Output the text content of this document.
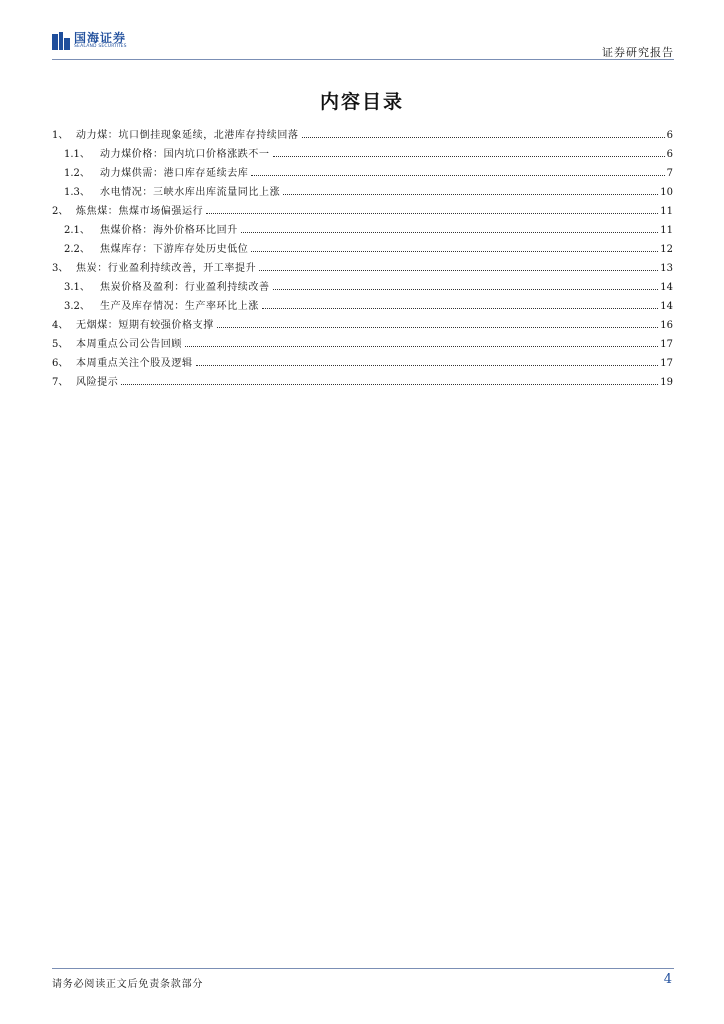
国海证券
SEALAND SECURITIES	证券研究报告
内容目录
1、 动力煤：坑口倒挂现象延续，北港库存持续回落	6
1.1、	动力煤价格：国内坑口价格涨跌不一	6
1.2、	动力煤供需：港口库存延续去库	7
1.3、	水电情况：三峡水库出库流量同比上涨	10
2、 炼焦煤：焦煤市场偏强运行	11
2.1、	焦煤价格：海外价格环比回升	11
2.2、	焦煤库存：下游库存处历史低位	12
3、 焦炭：行业盈利持续改善，开工率提升	13
3.1、	焦炭价格及盈利：行业盈利持续改善	14
3.2、	生产及库存情况：生产率环比上涨	14
4、 无烟煤：短期有较强价格支撑	16
5、 本周重点公司公告回顾	17
6、 本周重点关注个股及逻辑	17
7、 风险提示	19
请务必阅读正文后免责条款部分	4
